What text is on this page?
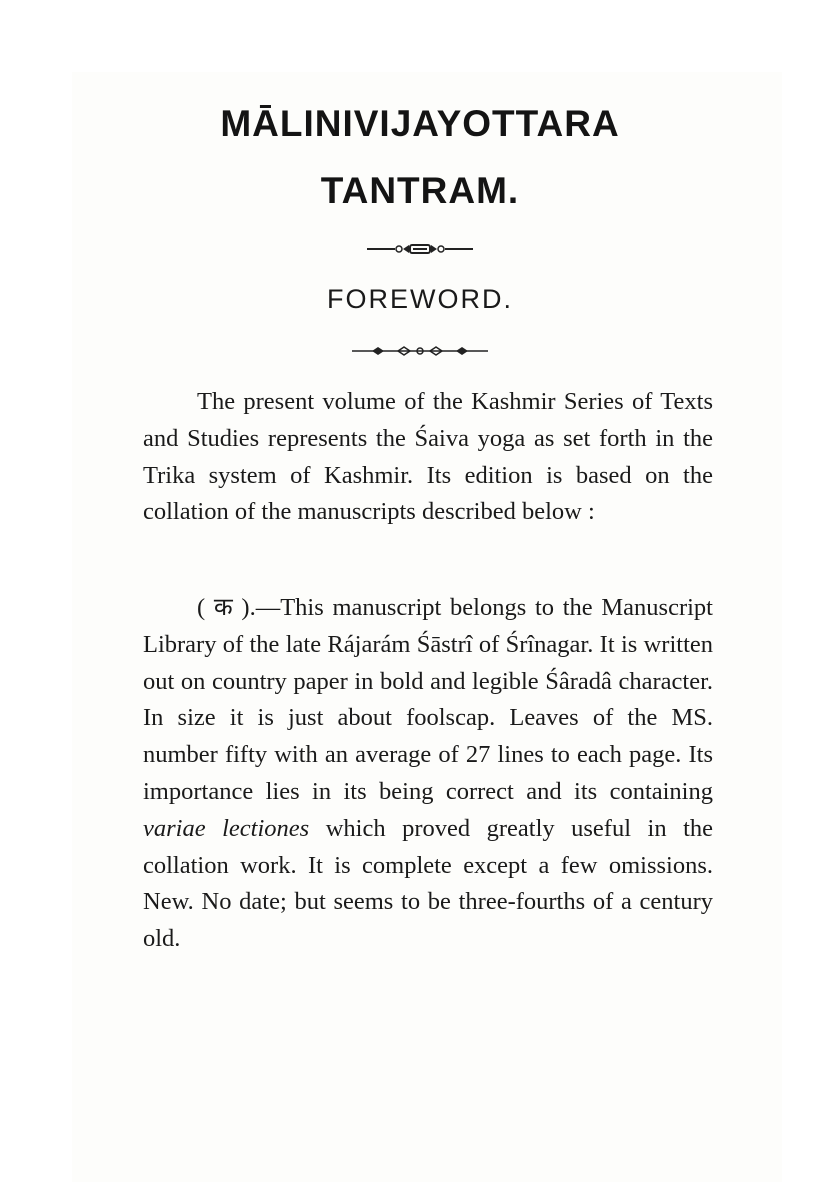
MĀLINIVIJAYOTTARA
TANTRAM.
FOREWORD.
The present volume of the Kashmir Series of Texts and Studies represents the Śaiva yoga as set forth in the Trika system of Kashmir. Its edition is based on the collation of the manuscripts described below :
( क ).—This manuscript belongs to the Manuscript Library of the late Rájarám Śāstrî of Śrînagar. It is written out on country paper in bold and legible Śâradâ character. In size it is just about foolscap. Leaves of the MS. number fifty with an average of 27 lines to each page. Its importance lies in its being correct and its containing variae lectiones which proved greatly useful in the collation work. It is complete except a few omissions. New. No date; but seems to be three-fourths of a century old.
